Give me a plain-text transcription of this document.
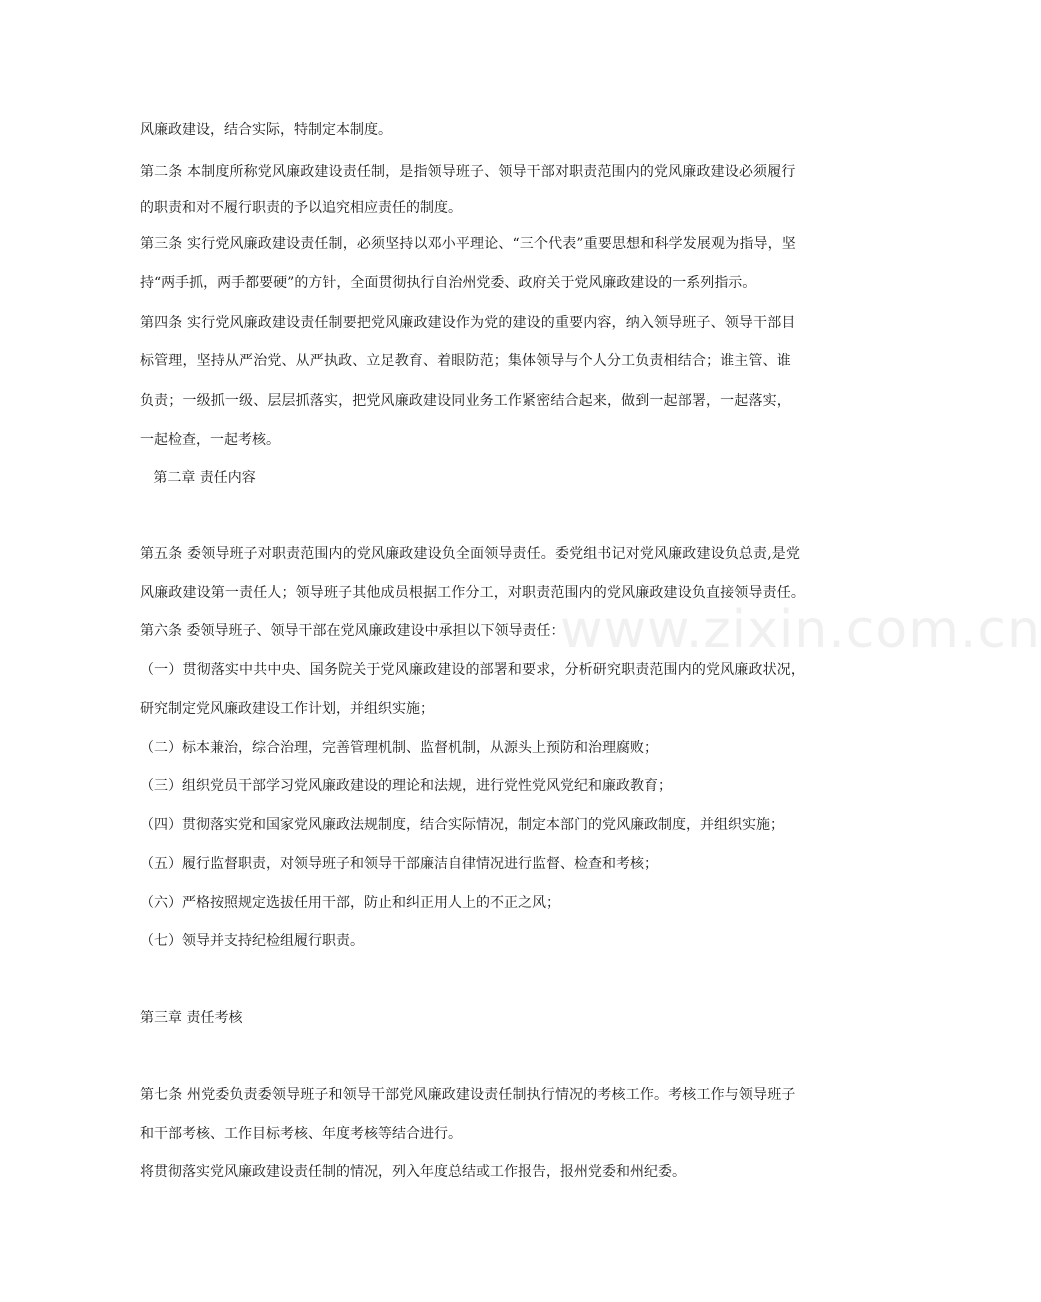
风廉政建设，结合实际，特制定本制度。
第二条 本制度所称党风廉政建设责任制，是指领导班子、领导干部对职责范围内的党风廉政建设必须履行
的职责和对不履行职责的予以追究相应责任的制度。
第三条 实行党风廉政建设责任制，必须坚持以邓小平理论、“三个代表”重要思想和科学发展观为指导，坚
持“两手抓，两手都要硬”的方针，全面贯彻执行自治州党委、政府关于党风廉政建设的一系列指示。
第四条 实行党风廉政建设责任制要把党风廉政建设作为党的建设的重要内容，纳入领导班子、领导干部目
标管理，坚持从严治党、从严执政、立足教育、着眼防范；集体领导与个人分工负责相结合；谁主管、谁
负责；一级抓一级、层层抓落实，把党风廉政建设同业务工作紧密结合起来，做到一起部署，一起落实，
一起检查，一起考核。
第二章 责任内容
第五条 委领导班子对职责范围内的党风廉政建设负全面领导责任。委党组书记对党风廉政建设负总责,是党
风廉政建设第一责任人；领导班子其他成员根据工作分工，对职责范围内的党风廉政建设负直接领导责任。
第六条 委领导班子、领导干部在党风廉政建设中承担以下领导责任：
（一）贯彻落实中共中央、国务院关于党风廉政建设的部署和要求，分析研究职责范围内的党风廉政状况，
研究制定党风廉政建设工作计划，并组织实施；
（二）标本兼治，综合治理，完善管理机制、监督机制，从源头上预防和治理腐败；
（三）组织党员干部学习党风廉政建设的理论和法规，进行党性党风党纪和廉政教育；
（四）贯彻落实党和国家党风廉政法规制度，结合实际情况，制定本部门的党风廉政制度，并组织实施；
（五）履行监督职责，对领导班子和领导干部廉洁自律情况进行监督、检查和考核；
（六）严格按照规定选拔任用干部，防止和纠正用人上的不正之风；
（七）领导并支持纪检组履行职责。
第三章 责任考核
第七条 州党委负责委领导班子和领导干部党风廉政建设责任制执行情况的考核工作。考核工作与领导班子
和干部考核、工作目标考核、年度考核等结合进行。
将贯彻落实党风廉政建设责任制的情况，列入年度总结或工作报告，报州党委和州纪委。
www.zixin.com.cn
